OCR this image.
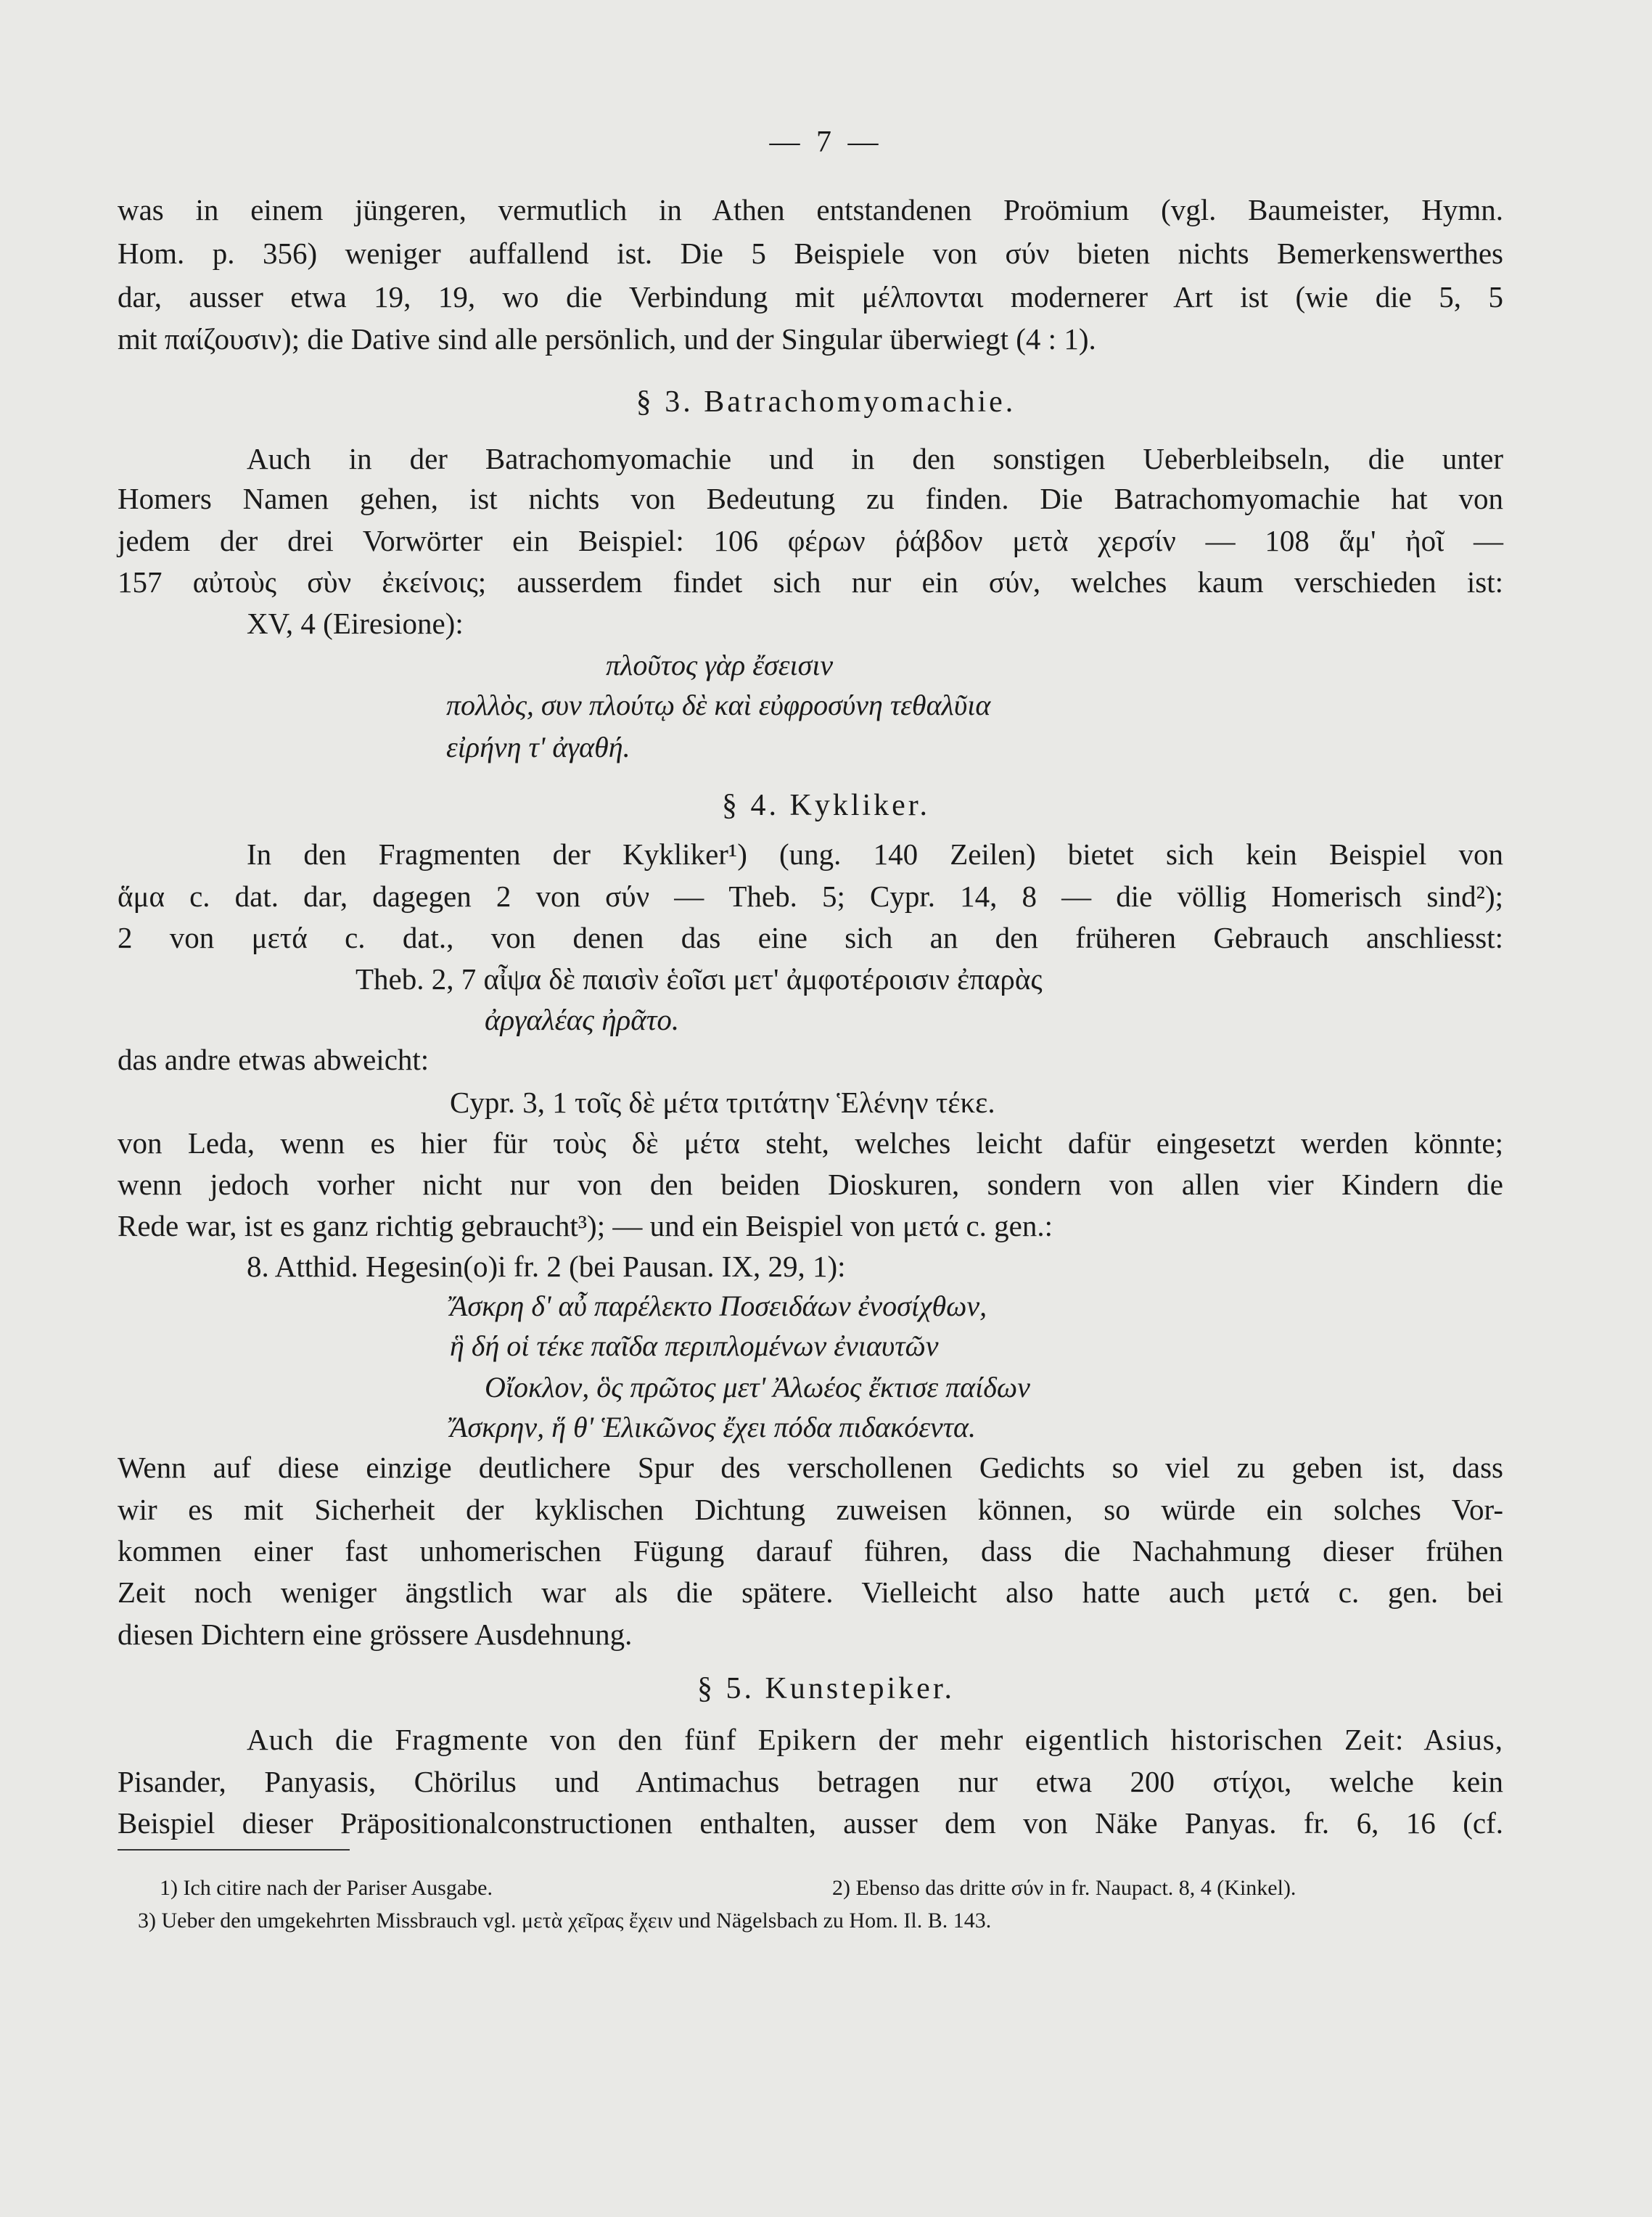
— 7 —
was in einem jüngeren, vermutlich in Athen entstandenen Proömium (vgl. Baumeister, Hymn.
Hom. p. 356) weniger auffallend ist. Die 5 Beispiele von σύν bieten nichts Bemerkenswerthes
dar, ausser etwa 19, 19, wo die Verbindung mit μέλπονται modernerer Art ist (wie die 5, 5
mit παίζουσιν); die Dative sind alle persönlich, und der Singular überwiegt (4 : 1).
§ 3. Batrachomyomachie.
Auch in der Batrachomyomachie und in den sonstigen Ueberbleibseln, die unter
Homers Namen gehen, ist nichts von Bedeutung zu finden. Die Batrachomyomachie hat von
jedem der drei Vorwörter ein Beispiel: 106 φέρων ῥάβδον μετὰ χερσίν — 108 ἅμ' ἠοῖ —
157 αὐτοὺς σὺν ἐκείνοις; ausserdem findet sich nur ein σύν, welches kaum verschieden ist:
XV, 4 (Eiresione):
πλοῦτος γὰρ ἔσεισιν
πολλὸς, συν πλούτῳ δὲ καὶ εὐφροσύνη τεθαλῦια
εἰρήνη τ' ἀγαθή.
§ 4. Kykliker.
In den Fragmenten der Kykliker¹) (ung. 140 Zeilen) bietet sich kein Beispiel von
ἅμα c. dat. dar, dagegen 2 von σύν — Theb. 5; Cypr. 14, 8 — die völlig Homerisch sind²);
2 von μετά c. dat., von denen das eine sich an den früheren Gebrauch anschliesst:
Theb. 2, 7 αἶψα δὲ παισὶν ἑοῖσι μετ' ἀμφοτέροισιν ἐπαρὰς
ἀργαλέας ἠρᾶτο.
das andre etwas abweicht:
Cypr. 3, 1 τοῖς δὲ μέτα τριτάτην Ἑλένην τέκε.
von Leda, wenn es hier für τοὺς δὲ μέτα steht, welches leicht dafür eingesetzt werden könnte;
wenn jedoch vorher nicht nur von den beiden Dioskuren, sondern von allen vier Kindern die
Rede war, ist es ganz richtig gebraucht³); — und ein Beispiel von μετά c. gen.:
8. Atthid. Hegesin(o)i fr. 2 (bei Pausan. IX, 29, 1):
Ἄσκρη δ' αὖ παρέλεκτο Ποσειδάων ἐνοσίχθων,
ἣ δή οἱ τέκε παῖδα περιπλομένων ἐνιαυτῶν
Οἴοκλον, ὃς πρῶτος μετ' Ἀλωέος ἔκτισε παίδων
Ἄσκρην, ἥ θ' Ἑλικῶνος ἔχει πόδα πιδακόεντα.
Wenn auf diese einzige deutlichere Spur des verschollenen Gedichts so viel zu geben ist, dass
wir es mit Sicherheit der kyklischen Dichtung zuweisen können, so würde ein solches Vor-
kommen einer fast unhomerischen Fügung darauf führen, dass die Nachahmung dieser frühen
Zeit noch weniger ängstlich war als die spätere. Vielleicht also hatte auch μετά c. gen. bei
diesen Dichtern eine grössere Ausdehnung.
§ 5. Kunstepiker.
Auch die Fragmente von den fünf Epikern der mehr eigentlich historischen Zeit: Asius,
Pisander, Panyasis, Chörilus und Antimachus betragen nur etwa 200 στίχοι, welche kein
Beispiel dieser Präpositionalconstructionen enthalten, ausser dem von Näke Panyas. fr. 6, 16 (cf.
1) Ich citire nach der Pariser Ausgabe.	2) Ebenso das dritte σύν in fr. Naupact. 8, 4 (Kinkel).
3) Ueber den umgekehrten Missbrauch vgl. μετὰ χεῖρας ἔχειν und Nägelsbach zu Hom. Il. B. 143.
